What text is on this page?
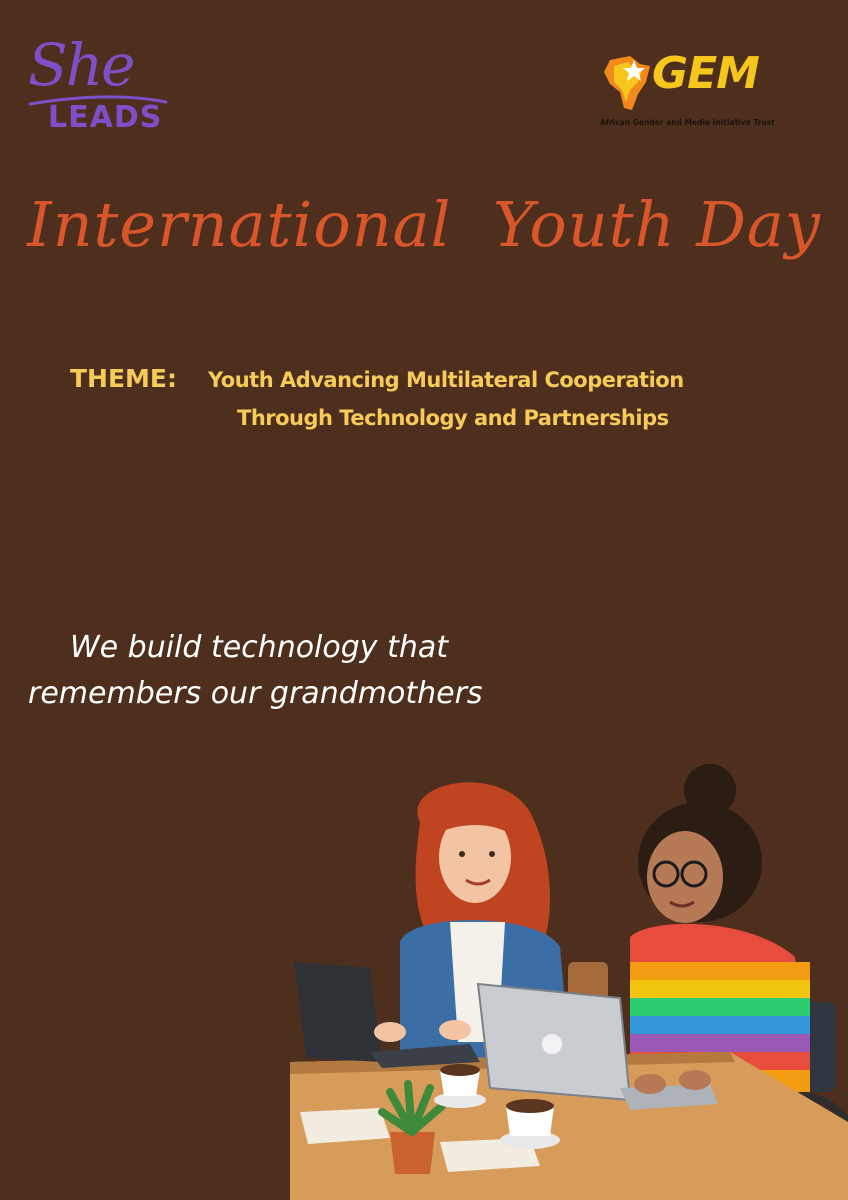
She
LEADS
GEM
African Gender and Media Initiative Trust
International  Youth Day
THEME: Youth Advancing Multilateral Cooperation
Through Technology and Partnerships
We build technology that
remembers our grandmothers
